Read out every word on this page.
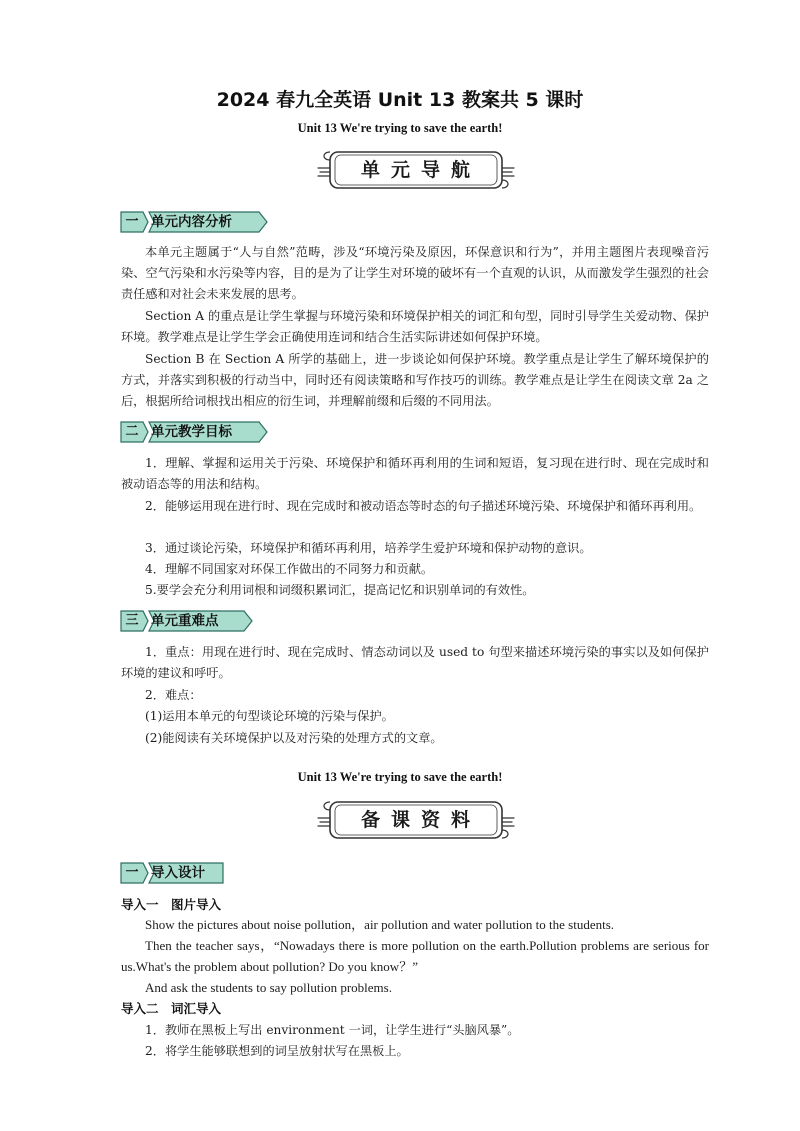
2024 春九全英语 Unit 13 教案共 5 课时
Unit 13 We're trying to save the earth!
单元导航
一 单元内容分析
本单元主题属于“人与自然”范畴，涉及“环境污染及原因，环保意识和行为”，并用主题图片表现噪音污染、空气污染和水污染等内容，目的是为了让学生对环境的破坏有一个直观的认识，从而激发学生强烈的社会责任感和对社会未来发展的思考。
Section A 的重点是让学生掌握与环境污染和环境保护相关的词汇和句型，同时引导学生关爱动物、保护环境。教学难点是让学生学会正确使用连词和结合生活实际讲述如何保护环境。
Section B 在 Section A 所学的基础上，进一步谈论如何保护环境。教学重点是让学生了解环境保护的方式，并落实到积极的行动当中，同时还有阅读策略和写作技巧的训练。教学难点是让学生在阅读文章 2a 之后，根据所给词根找出相应的衍生词，并理解前缀和后缀的不同用法。
二 单元教学目标
1．理解、掌握和运用关于污染、环境保护和循环再利用的生词和短语，复习现在进行时、现在完成时和被动语态等的用法和结构。
2．能够运用现在进行时、现在完成时和被动语态等时态的句子描述环境污染、环境保护和循环再利用。
3．通过谈论污染，环境保护和循环再利用，培养学生爱护环境和保护动物的意识。
4．理解不同国家对环保工作做出的不同努力和贡献。
5.要学会充分利用词根和词缀积累词汇，提高记忆和识别单词的有效性。
三 单元重难点
1．重点：用现在进行时、现在完成时、情态动词以及 used to 句型来描述环境污染的事实以及如何保护环境的建议和呼吁。
2．难点：
(1)运用本单元的句型谈论环境的污染与保护。
(2)能阅读有关环境保护以及对污染的处理方式的文章。
Unit 13 We're trying to save the earth!
备课资料
一 导入设计
导入一　图片导入
Show the pictures about noise pollution，air pollution and water pollution to the students.
Then the teacher says，“Nowadays there is more pollution on the earth.Pollution problems are serious for us.What's the problem about pollution? Do you know？”
And ask the students to say pollution problems.
导入二　词汇导入
1．教师在黑板上写出 environment 一词，让学生进行“头脑风暴”。
2．将学生能够联想到的词呈放射状写在黑板上。
